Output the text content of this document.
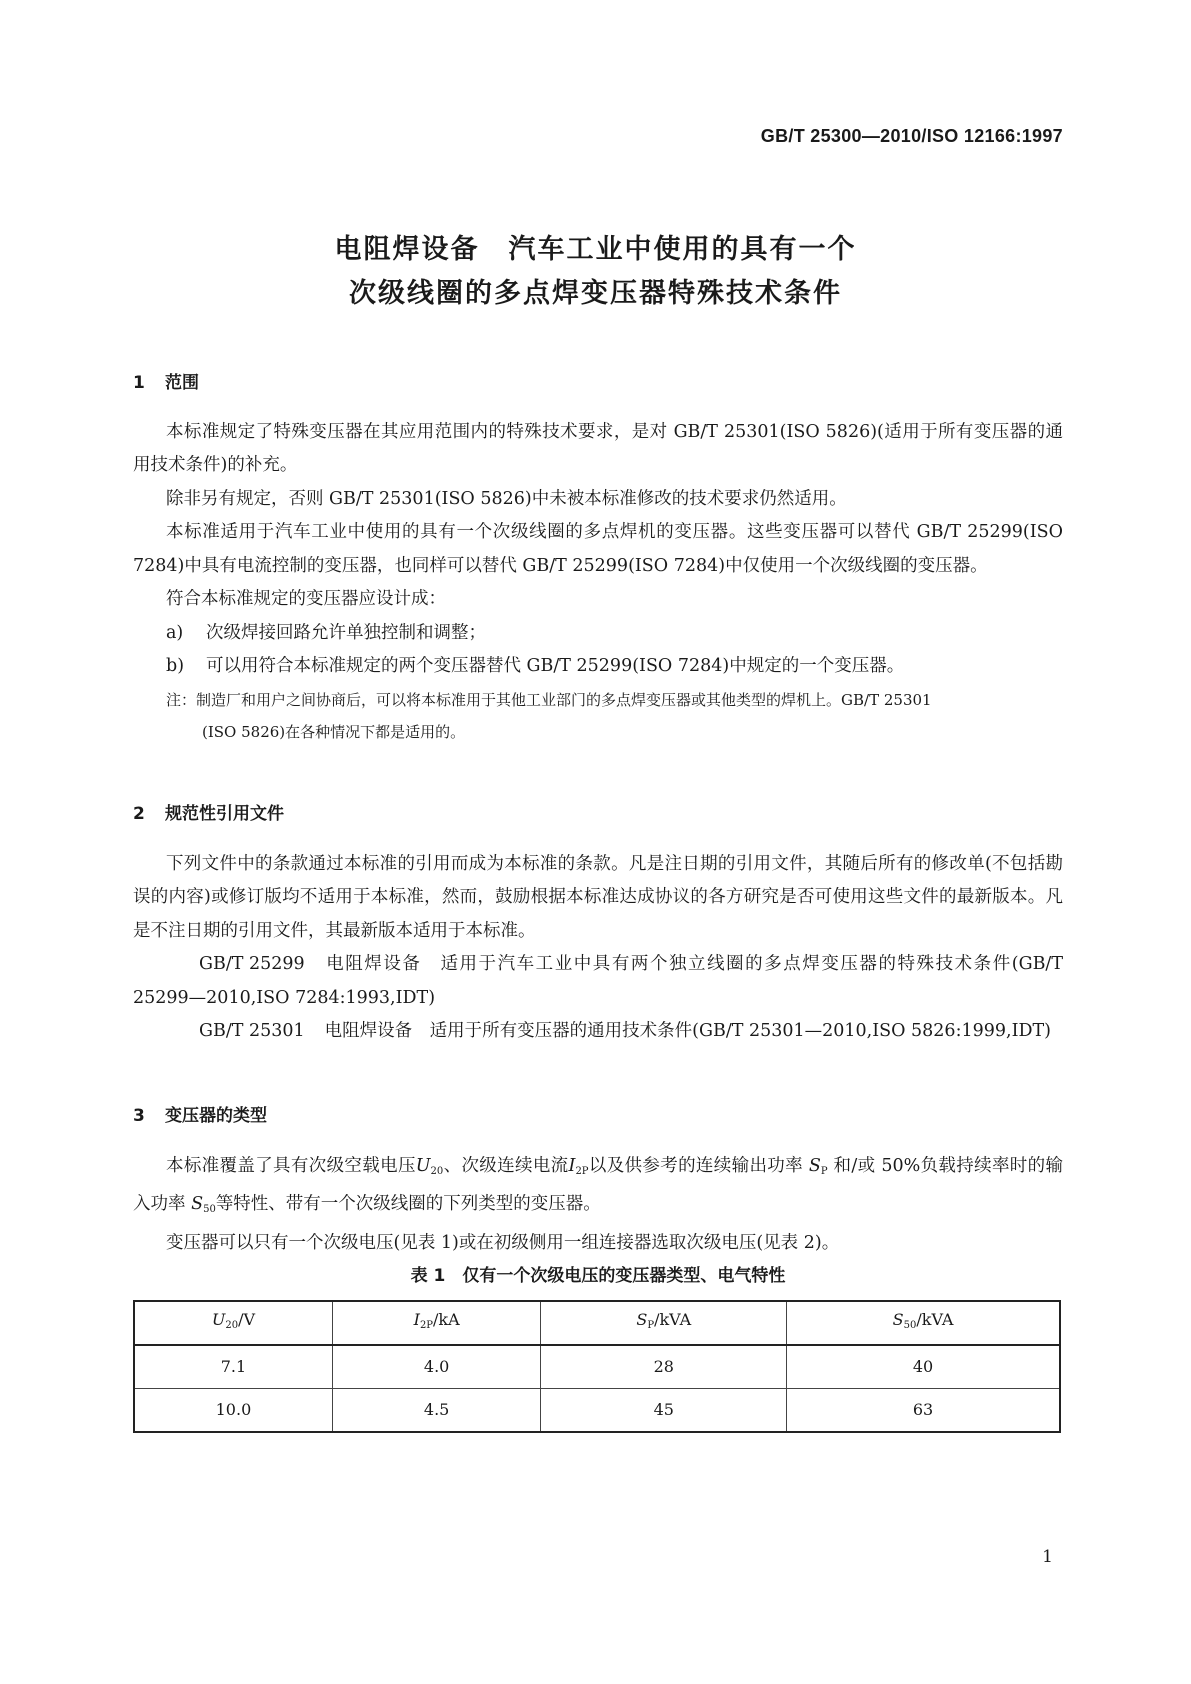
GB/T 25300—2010/ISO 12166:1997
电阻焊设备　汽车工业中使用的具有一个
次级线圈的多点焊变压器特殊技术条件
1 范围

本标准规定了特殊变压器在其应用范围内的特殊技术要求，是对 GB/T 25301(ISO 5826)(适用于所有变压器的通用技术条件)的补充。

除非另有规定，否则 GB/T 25301(ISO 5826)中未被本标准修改的技术要求仍然适用。

本标准适用于汽车工业中使用的具有一个次级线圈的多点焊机的变压器。这些变压器可以替代 GB/T 25299(ISO 7284)中具有电流控制的变压器，也同样可以替代 GB/T 25299(ISO 7284)中仅使用一个次级线圈的变压器。

符合本标准规定的变压器应设计成：

a) 次级焊接回路允许单独控制和调整；

b) 可以用符合本标准规定的两个变压器替代 GB/T 25299(ISO 7284)中规定的一个变压器。

注：制造厂和用户之间协商后，可以将本标准用于其他工业部门的多点焊变压器或其他类型的焊机上。GB/T 25301

(ISO 5826)在各种情况下都是适用的。

2 规范性引用文件

下列文件中的条款通过本标准的引用而成为本标准的条款。凡是注日期的引用文件，其随后所有的修改单(不包括勘误的内容)或修订版均不适用于本标准，然而，鼓励根据本标准达成协议的各方研究是否可使用这些文件的最新版本。凡是不注日期的引用文件，其最新版本适用于本标准。

GB/T 25299 电阻焊设备　适用于汽车工业中具有两个独立线圈的多点焊变压器的特殊技术条件(GB/T 25299—2010,ISO 7284:1993,IDT)

GB/T 25301 电阻焊设备　适用于所有变压器的通用技术条件(GB/T 25301—2010,ISO 5826:1999,IDT)

3 变压器的类型

本标准覆盖了具有次级空载电压$U_{20}$、次级连续电流$I_{2P}$以及供参考的连续输出功率 $S_P$ 和/或 50%负载持续率时的输入功率 $S_{50}$等特性、带有一个次级线圈的下列类型的变压器。

变压器可以只有一个次级电压(见表 1)或在初级侧用一组连接器选取次级电压(见表 2)。

表 1　仅有一个次级电压的变压器类型、电气特性
$U_{20}/V$	$I_{2P}/kA$	$S_P$/kVA	$S_{50}$/kVA
7.1	4.0	28	40
10.0	4.5	45	63
1
